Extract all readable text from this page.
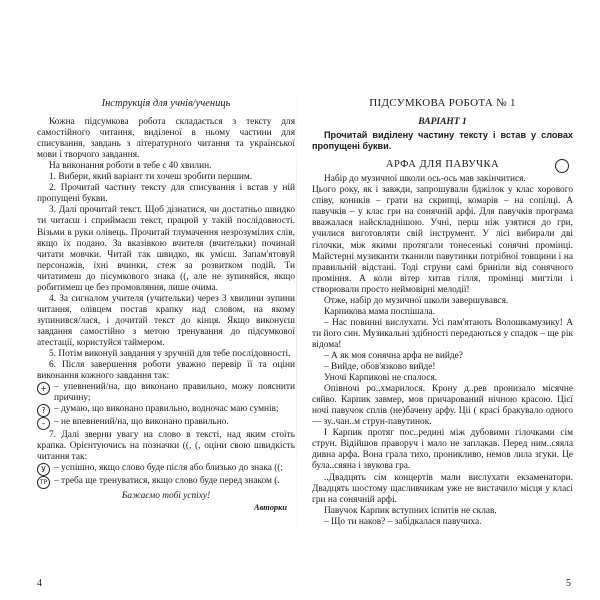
Інструкція для учнів/учениць

Кожна підсумкова робота складається з тексту для самостійного читання, виділеної в ньому частини для списування, завдань з літературного читання та української мови і творчого завдання.

На виконання роботи в тебе є 40 хвилин.

1. Вибери, який варіант ти хочеш зробити першим.

2. Прочитай частину тексту для списування і встав у ній пропущені букви.

3. Далі прочитай текст. Щоб дізнатися, чи достатньо швидко ти читаєш і сприймаєш текст, працюй у такій послідовності. Візьми в руки олівець. Прочитай тлумачення незрозумілих слів, якщо їх подано. За вказівкою вчителя (вчительки) починай читати мовчки. Читай так швидко, як умієш. Запам'ятовуй персонажів, їхні вчинки, стеж за розвитком подій. Ти читатимеш до пісумкового знака ((, але не зупиняйся, якщо робитимеш це без промовляння, лише очима.

4. За сигналом учителя (учительки) через 3 хвилини зупини читання, олівцем постав крапку над словом, на якому зупинився/лася, і дочитай текст до кінця. Якщо виконуєш завдання самостійно з метою тренування до підсумкової атестації, користуйся таймером.

5. Потім виконуй завдання у зручній для тебе послідовності.

6. Після завершення роботи уважно перевір її та оціни виконання кожного завдання так:

+ – упевнений/на, що виконано правильно, можу пояснити причину;

? – думаю, що виконано правильно, водночас маю сумнів;

– – не впевнений/на, що виконано правильно.

7. Далі зверни увагу на слово в тексті, над яким стоїть крапка. Орієнтуючись на позначки ((, (, оціни свою швидкість читання так:

У – успішно, якщо слово буде після або близько до знака ((;

ТР – треба ще тренуватися, якщо слово буде перед знаком (.

Бажаємо тобі успіху!

Авторки

ПІДСУМКОВА РОБОТА № 1

ВАРІАНТ 1

Прочитай виділену частину тексту і встав у словах пропущені букви.

АРФА ДЛЯ ПАВУЧКА

Набір до музичної школи ось-ось мав закінчитися.

Цього року, як і завжди, запрошували бджілок у клас хорового співу, коників – грати на скрипці, комарів – на сопілці. А павучків – у клас гри на сонячній арфі. Для павучків програма вважалася найскладнішою. Учні, перш ніж узятися до гри, училися виготовляти свій інструмент. У лісі вибирали дві гілочки, між якими протягали тонесенькі сонячні промінці. Майстерні музиканти тканили павутинки потрібної товщини і на правильній відстані. Тоді струни самі бриніли від сонячного проміння. А коли вітер хитав гілля, промінці мигтіли і створювали просто неймовірні мелодії!

Отже, набір до музичної школи завершувався.

Карпикова мама поспішала.

– Нас повинні вислухати. Усі пам'ятають Волошкамузику! А ти його син. Музикальні здібності передаються у спадок – ще рік відома!

– А як моя сонячна арфа не вийде?

– Вийде, обов'язково вийде!

Уночі Карпикові не спалося.

Опівночі ро..хмарилося. Крону д..рев пронизало місячне сяйво. Карпик завмер, мов причарований нічною красою. Цієї ночі павучок сплів (не)бачену арфу. Ціі ( красі бракувало одного — зу..чан..м струн-павутинок.

І Карпик протяг пос..редині між дубовими гілочками сім струн. Відійшов праворуч і мало не заплакав. Перед ним..сяяла дивна арфа. Вона грала тихо, проникливо, немов лила згуки. Це була..сяяна і звукова гра.

..Двадцять сім концертів мали вислухати екзаменатори. Двадцять шостому щасливчикам уже не вистачило місця у класі гри на сонячній арфі.

Павучок Карпик вступних іспитів не склав.

– Що ти наков? – забідкалася павучиха.

4	5
